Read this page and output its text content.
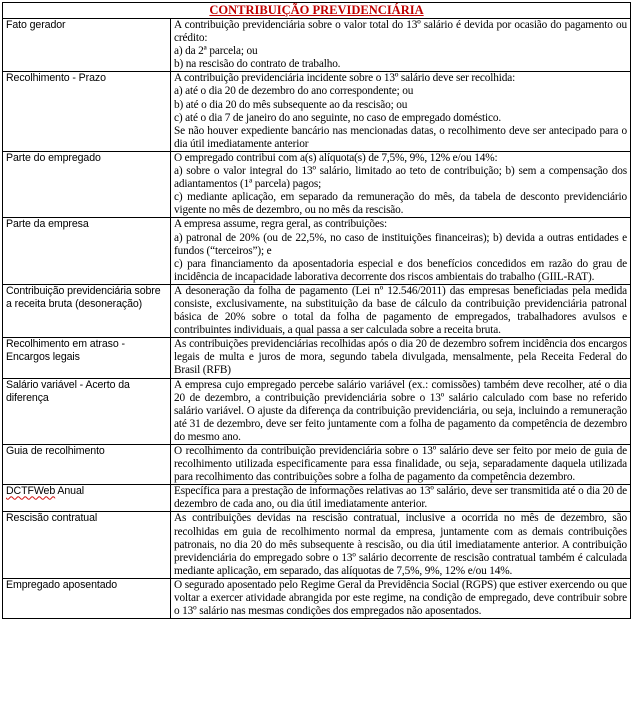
CONTRIBUIÇÃO PREVIDENCIÁRIA	
Fato gerador	A contribuição previdenciária sobre o valor total do 13º salário é devida por ocasião do pagamento ou crédito:
a) da 2ª parcela; ou
b) na rescisão do contrato de trabalho.

Recolhimento - Prazo	A contribuição previdenciária incidente sobre o 13º salário deve ser recolhida:
a) até o dia 20 de dezembro do ano correspondente; ou
b) até o dia 20 do mês subsequente ao da rescisão; ou
c) até o dia 7 de janeiro do ano seguinte, no caso de empregado doméstico.
Se não houver expediente bancário nas mencionadas datas, o recolhimento deve ser antecipado para o dia útil imediatamente anterior

Parte do empregado	O empregado contribui com a(s) alíquota(s) de 7,5%, 9%, 12% e/ou 14%:
a) sobre o valor integral do 13º salário, limitado ao teto de contribuição; b) sem a compensação dos adiantamentos (1ª parcela) pagos;
c) mediante aplicação, em separado da remuneração do mês, da tabela de desconto previdenciário vigente no mês de dezembro, ou no mês da rescisão.

Parte da empresa	A empresa assume, regra geral, as contribuições:
a) patronal de 20% (ou de 22,5%, no caso de instituições financeiras); b) devida a outras entidades e fundos (“terceiros”); e
c) para financiamento da aposentadoria especial e dos benefícios concedidos em razão do grau de incidência de incapacidade laborativa decorrente dos riscos ambientais do trabalho (GIIL-RAT).

Contribuição previdenciária sobre a receita bruta (desoneração)	A desoneração da folha de pagamento (Lei nº 12.546/2011) das empresas beneficiadas pela medida consiste, exclusivamente, na substituição da base de cálculo da contribuição previdenciária patronal básica de 20% sobre o total da folha de pagamento de empregados, trabalhadores avulsos e contribuintes individuais, a qual passa a ser calculada sobre a receita bruta.

Recolhimento em atraso - Encargos legais	As contribuições previdenciárias recolhidas após o dia 20 de dezembro sofrem incidência dos encargos legais de multa e juros de mora, segundo tabela divulgada, mensalmente, pela Receita Federal do Brasil (RFB)

Salário variável - Acerto da diferença	A empresa cujo empregado percebe salário variável (ex.: comissões) também deve recolher, até o dia 20 de dezembro, a contribuição previdenciária sobre o 13º salário calculado com base no referido salário variável. O ajuste da diferença da contribuição previdenciária, ou seja, incluindo a remuneração até 31 de dezembro, deve ser feito juntamente com a folha de pagamento da competência de dezembro do mesmo ano.

Guia de recolhimento	O recolhimento da contribuição previdenciária sobre o 13º salário deve ser feito por meio de guia de recolhimento utilizada especificamente para essa finalidade, ou seja, separadamente daquela utilizada para recolhimento das contribuições sobre a folha de pagamento da competência dezembro.

DCTFWeb Anual	Específica para a prestação de informações relativas ao 13º salário, deve ser transmitida até o dia 20 de dezembro de cada ano, ou dia útil imediatamente anterior.

Rescisão contratual	As contribuições devidas na rescisão contratual, inclusive a ocorrida no mês de dezembro, são recolhidas em guia de recolhimento normal da empresa, juntamente com as demais contribuições patronais, no dia 20 do mês subsequente à rescisão, ou dia útil imediatamente anterior. A contribuição previdenciária do empregado sobre o 13º salário decorrente de rescisão contratual também é calculada mediante aplicação, em separado, das alíquotas de 7,5%, 9%, 12% e/ou 14%.

Empregado aposentado	O segurado aposentado pelo Regime Geral da Previdência Social (RGPS) que estiver exercendo ou que voltar a exercer atividade abrangida por este regime, na condição de empregado, deve contribuir sobre o 13º salário nas mesmas condições dos empregados não aposentados.
